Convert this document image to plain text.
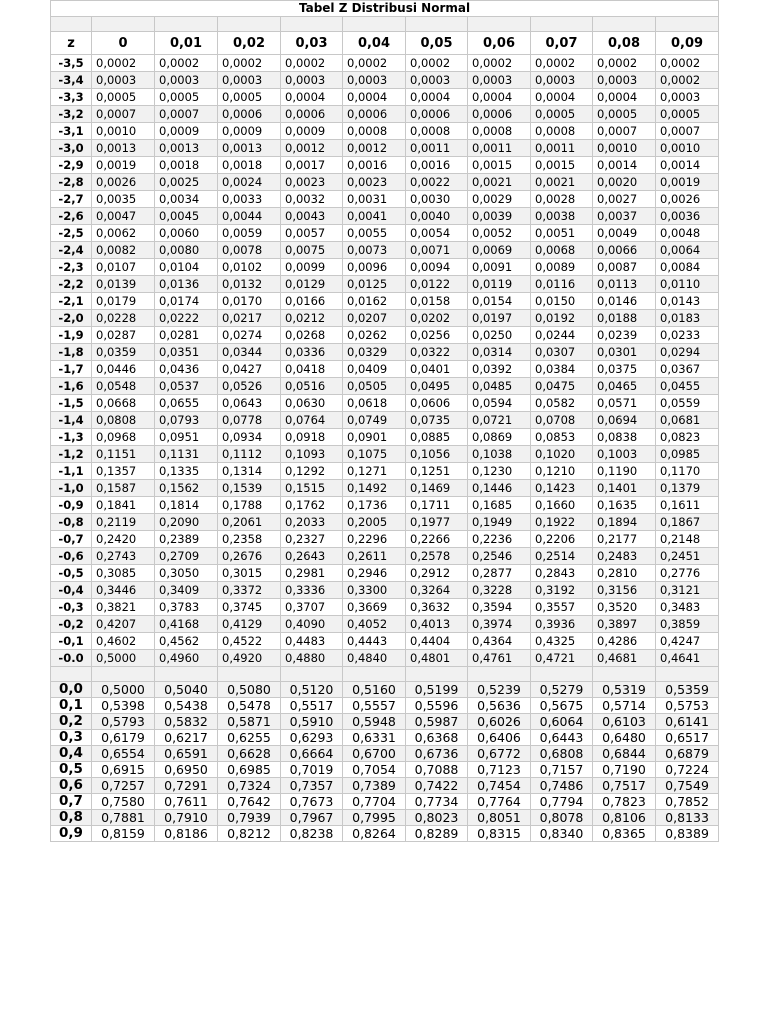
Tabel Z Distribusi Normal										

z	0	0,01	0,02	0,03	0,04	0,05	0,06	0,07	0,08	0,09
-3,5	0,0002	0,0002	0,0002	0,0002	0,0002	0,0002	0,0002	0,0002	0,0002	0,0002
-3,4	0,0003	0,0003	0,0003	0,0003	0,0003	0,0003	0,0003	0,0003	0,0003	0,0002
-3,3	0,0005	0,0005	0,0005	0,0004	0,0004	0,0004	0,0004	0,0004	0,0004	0,0003
-3,2	0,0007	0,0007	0,0006	0,0006	0,0006	0,0006	0,0006	0,0005	0,0005	0,0005
-3,1	0,0010	0,0009	0,0009	0,0009	0,0008	0,0008	0,0008	0,0008	0,0007	0,0007
-3,0	0,0013	0,0013	0,0013	0,0012	0,0012	0,0011	0,0011	0,0011	0,0010	0,0010
-2,9	0,0019	0,0018	0,0018	0,0017	0,0016	0,0016	0,0015	0,0015	0,0014	0,0014
-2,8	0,0026	0,0025	0,0024	0,0023	0,0023	0,0022	0,0021	0,0021	0,0020	0,0019
-2,7	0,0035	0,0034	0,0033	0,0032	0,0031	0,0030	0,0029	0,0028	0,0027	0,0026
-2,6	0,0047	0,0045	0,0044	0,0043	0,0041	0,0040	0,0039	0,0038	0,0037	0,0036
-2,5	0,0062	0,0060	0,0059	0,0057	0,0055	0,0054	0,0052	0,0051	0,0049	0,0048
-2,4	0,0082	0,0080	0,0078	0,0075	0,0073	0,0071	0,0069	0,0068	0,0066	0,0064
-2,3	0,0107	0,0104	0,0102	0,0099	0,0096	0,0094	0,0091	0,0089	0,0087	0,0084
-2,2	0,0139	0,0136	0,0132	0,0129	0,0125	0,0122	0,0119	0,0116	0,0113	0,0110
-2,1	0,0179	0,0174	0,0170	0,0166	0,0162	0,0158	0,0154	0,0150	0,0146	0,0143
-2,0	0,0228	0,0222	0,0217	0,0212	0,0207	0,0202	0,0197	0,0192	0,0188	0,0183
-1,9	0,0287	0,0281	0,0274	0,0268	0,0262	0,0256	0,0250	0,0244	0,0239	0,0233
-1,8	0,0359	0,0351	0,0344	0,0336	0,0329	0,0322	0,0314	0,0307	0,0301	0,0294
-1,7	0,0446	0,0436	0,0427	0,0418	0,0409	0,0401	0,0392	0,0384	0,0375	0,0367
-1,6	0,0548	0,0537	0,0526	0,0516	0,0505	0,0495	0,0485	0,0475	0,0465	0,0455
-1,5	0,0668	0,0655	0,0643	0,0630	0,0618	0,0606	0,0594	0,0582	0,0571	0,0559
-1,4	0,0808	0,0793	0,0778	0,0764	0,0749	0,0735	0,0721	0,0708	0,0694	0,0681
-1,3	0,0968	0,0951	0,0934	0,0918	0,0901	0,0885	0,0869	0,0853	0,0838	0,0823
-1,2	0,1151	0,1131	0,1112	0,1093	0,1075	0,1056	0,1038	0,1020	0,1003	0,0985
-1,1	0,1357	0,1335	0,1314	0,1292	0,1271	0,1251	0,1230	0,1210	0,1190	0,1170
-1,0	0,1587	0,1562	0,1539	0,1515	0,1492	0,1469	0,1446	0,1423	0,1401	0,1379
-0,9	0,1841	0,1814	0,1788	0,1762	0,1736	0,1711	0,1685	0,1660	0,1635	0,1611
-0,8	0,2119	0,2090	0,2061	0,2033	0,2005	0,1977	0,1949	0,1922	0,1894	0,1867
-0,7	0,2420	0,2389	0,2358	0,2327	0,2296	0,2266	0,2236	0,2206	0,2177	0,2148
-0,6	0,2743	0,2709	0,2676	0,2643	0,2611	0,2578	0,2546	0,2514	0,2483	0,2451
-0,5	0,3085	0,3050	0,3015	0,2981	0,2946	0,2912	0,2877	0,2843	0,2810	0,2776
-0,4	0,3446	0,3409	0,3372	0,3336	0,3300	0,3264	0,3228	0,3192	0,3156	0,3121
-0,3	0,3821	0,3783	0,3745	0,3707	0,3669	0,3632	0,3594	0,3557	0,3520	0,3483
-0,2	0,4207	0,4168	0,4129	0,4090	0,4052	0,4013	0,3974	0,3936	0,3897	0,3859
-0,1	0,4602	0,4562	0,4522	0,4483	0,4443	0,4404	0,4364	0,4325	0,4286	0,4247
-0.0	0,5000	0,4960	0,4920	0,4880	0,4840	0,4801	0,4761	0,4721	0,4681	0,4641

0,0	0,5000	0,5040	0,5080	0,5120	0,5160	0,5199	0,5239	0,5279	0,5319	0,5359
0,1	0,5398	0,5438	0,5478	0,5517	0,5557	0,5596	0,5636	0,5675	0,5714	0,5753
0,2	0,5793	0,5832	0,5871	0,5910	0,5948	0,5987	0,6026	0,6064	0,6103	0,6141
0,3	0,6179	0,6217	0,6255	0,6293	0,6331	0,6368	0,6406	0,6443	0,6480	0,6517
0,4	0,6554	0,6591	0,6628	0,6664	0,6700	0,6736	0,6772	0,6808	0,6844	0,6879
0,5	0,6915	0,6950	0,6985	0,7019	0,7054	0,7088	0,7123	0,7157	0,7190	0,7224
0,6	0,7257	0,7291	0,7324	0,7357	0,7389	0,7422	0,7454	0,7486	0,7517	0,7549
0,7	0,7580	0,7611	0,7642	0,7673	0,7704	0,7734	0,7764	0,7794	0,7823	0,7852
0,8	0,7881	0,7910	0,7939	0,7967	0,7995	0,8023	0,8051	0,8078	0,8106	0,8133
0,9	0,8159	0,8186	0,8212	0,8238	0,8264	0,8289	0,8315	0,8340	0,8365	0,8389
